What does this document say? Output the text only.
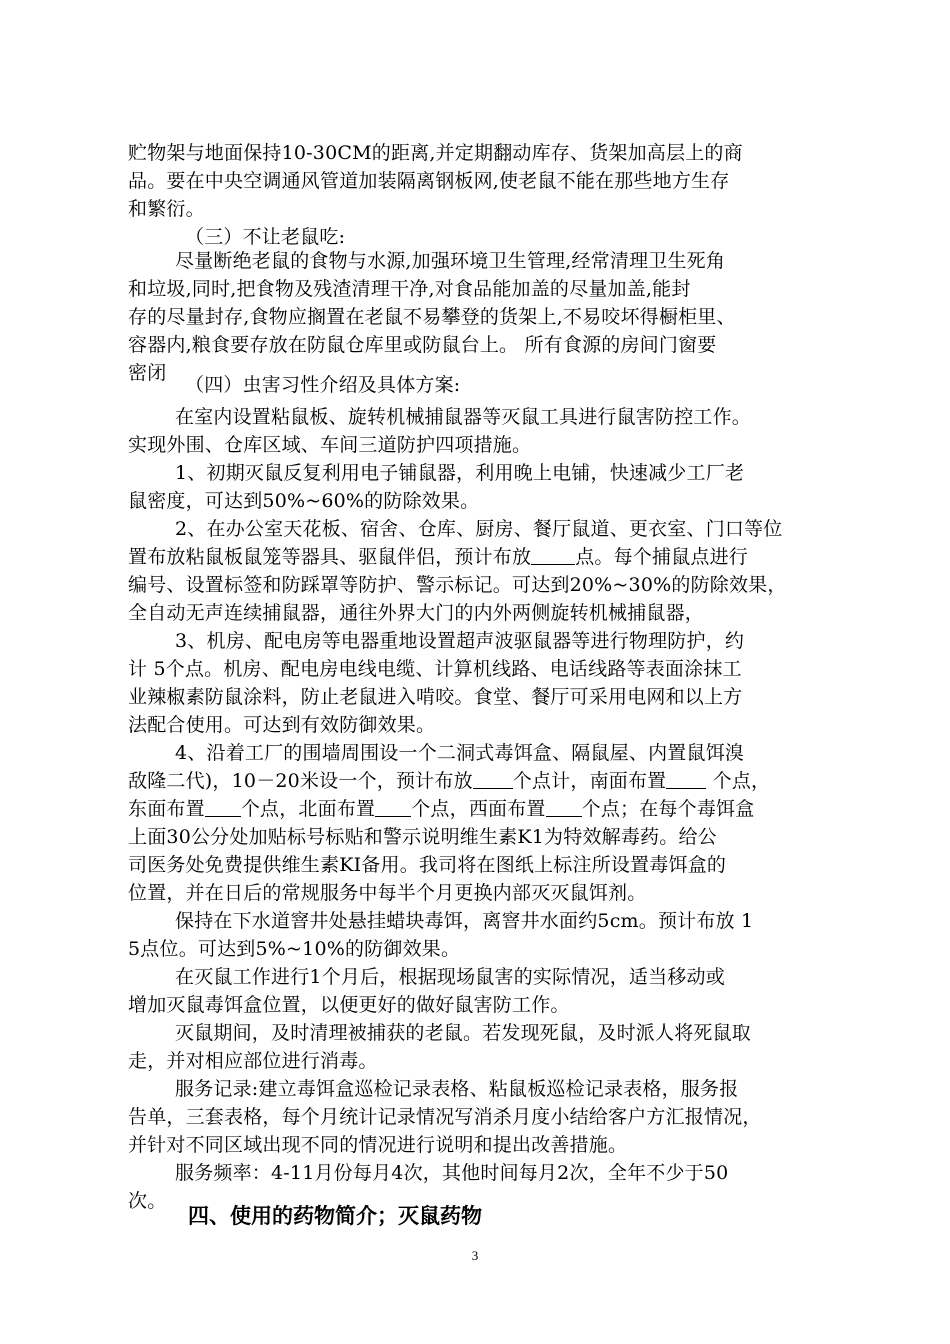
贮物架与地面保持10-30CM的距离,并定期翻动库存、货架加高层上的商
品。要在中央空调通风管道加装隔离钢板网,使老鼠不能在那些地方生存
和繁衍。
（三）不让老鼠吃:
尽量断绝老鼠的食物与水源,加强环境卫生管理,经常清理卫生死角
和垃圾,同时,把食物及残渣清理干净,对食品能加盖的尽量加盖,能封
存的尽量封存,食物应搁置在老鼠不易攀登的货架上,不易咬坏得橱柜里、
容器内,粮食要存放在防鼠仓库里或防鼠台上。 所有食源的房间门窗要
密闭
（四）虫害习性介绍及具体方案:
在室内设置粘鼠板、旋转机械捕鼠器等灭鼠工具进行鼠害防控工作。
实现外围、仓库区域、车间三道防护四项措施。
1、初期灭鼠反复利用电子铺鼠器，利用晚上电铺，快速减少工厂老
鼠密度，可达到50%~60%的防除效果。
2、在办公室天花板、宿舍、仓库、厨房、餐厅鼠道、更衣室、门口等位
置布放粘鼠板鼠笼等器具、驱鼠伴侣，预计布放 点。每个捕鼠点进行
编号、设置标签和防踩罩等防护、警示标记。可达到20%~30%的防除效果，
全自动无声连续捕鼠器，通往外界大门的内外两侧旋转机械捕鼠器，
3、机房、配电房等电器重地设置超声波驱鼠器等进行物理防护，约
计 5个点。机房、配电房电线电缆、计算机线路、电话线路等表面涂抹工
业辣椒素防鼠涂料，防止老鼠进入啃咬。食堂、餐厅可采用电网和以上方
法配合使用。可达到有效防御效果。
4、沿着工厂的围墙周围设一个二洞式毒饵盒、隔鼠屋、内置鼠饵溴
敌隆二代)，10－20米设一个，预计布放 个点计，南面布置 个点，
东面布置 个点，北面布置 个点，西面布置 个点；在每个毒饵盒
上面30公分处加贴标号标贴和警示说明维生素K1为特效解毒药。给公
司医务处免费提供维生素KI备用。我司将在图纸上标注所设置毒饵盒的
位置，并在日后的常规服务中每半个月更换内部灭灭鼠饵剂。
保持在下水道窨井处悬挂蜡块毒饵，离窨井水面约5cm。预计布放 1
5点位。可达到5%~10%的防御效果。
在灭鼠工作进行1个月后，根据现场鼠害的实际情况，适当移动或
增加灭鼠毒饵盒位置，以便更好的做好鼠害防工作。
灭鼠期间，及时清理被捕获的老鼠。若发现死鼠，及时派人将死鼠取
走，并对相应部位进行消毒。
服务记录:建立毒饵盒巡检记录表格、粘鼠板巡检记录表格，服务报
告单，三套表格，每个月统计记录情况写消杀月度小结给客户方汇报情况，
并针对不同区域出现不同的情况进行说明和提出改善措施。
服务频率：4-11月份每月4次，其他时间每月2次，全年不少于50
次。
四、使用的药物简介；灭鼠药物
3
